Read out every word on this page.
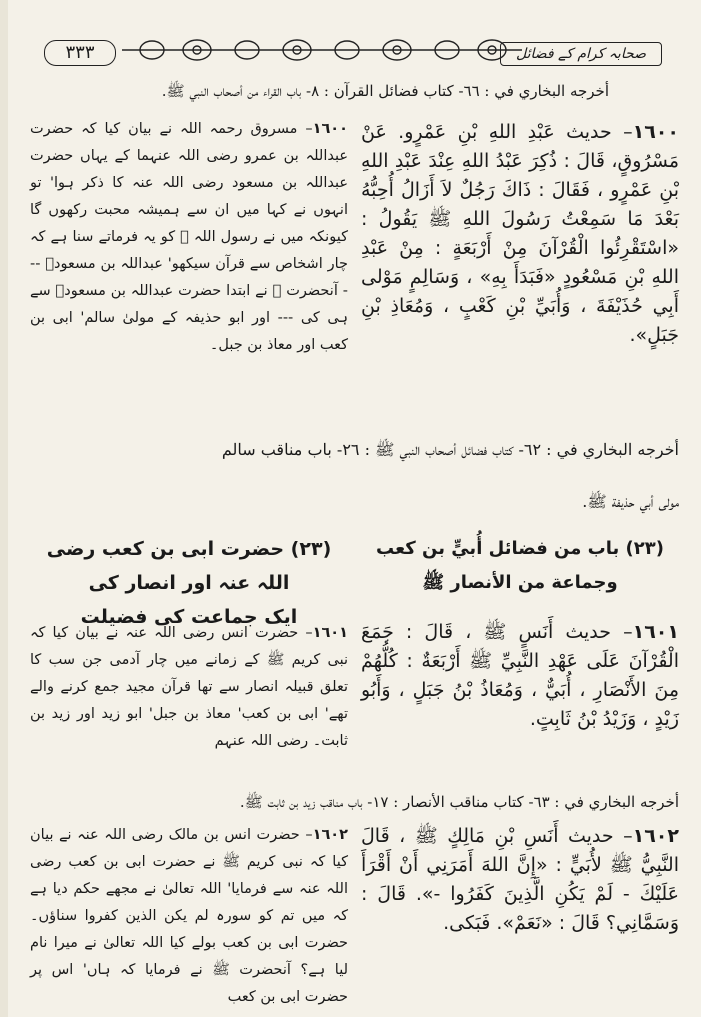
٣٣٣	صحابہ کرام کے فضائل
أخرجه البخاري في : ٦٦- كتاب فضائل القرآن : ٨- باب القراء من أصحاب النبي ﷺ.
١٦٠٠– حديث عَبْدِ اللهِ بْنِ عَمْرٍو. عَنْ مَسْرُوقٍ، قَالَ : ذُكِرَ عَبْدُ اللهِ عِنْدَ عَبْدِ اللهِ بْنِ عَمْرٍو ، فَقَالَ : ذَاكَ رَجُلٌ لاَ أَزَالُ أُحِبُّهُ بَعْدَ مَا سَمِعْتُ رَسُولَ اللهِ ﷺ يَقُولُ : «اسْتَقْرِئُوا الْقُرْآنَ مِنْ أَرْبَعَةٍ : مِنْ عَبْدِ اللهِ بْنِ مَسْعُودٍ «فَبَدَأَ بِهِ» ، وَسَالِمٍ مَوْلى أَبِي حُذَيْفَةَ ، وَأُبَيِّ بْنِ كَعْبٍ ، وَمُعَاذِ بْنِ جَبَلٍ».
١٦٠٠– مسروق رحمہ اللہ نے بیان کیا کہ حضرت عبداللہ بن عمرو رضی اللہ عنہما کے یہاں حضرت عبداللہ بن مسعود رضی اللہ عنہ کا ذکر ہوا' تو انہوں نے کہا میں ان سے ہمیشہ محبت رکھوں گا کیونکہ میں نے رسول اللہ ﷺ کو یہ فرماتے سنا ہے کہ چار اشخاص سے قرآن سیکھو' عبداللہ بن مسعودؓ --- آنحضرت ﷺ نے ابتدا حضرت عبداللہ بن مسعودؓ سے ہی کی --- اور ابو حذیفہ کے مولیٰ سالم' ابی بن کعب اور معاذ بن جبل۔
أخرجه البخاري في : ٦٢- كتاب فضائل أصحاب النبي ﷺ : ٢٦- باب مناقب سالم
مولى أبي حذيفة ﷺ.
(٢٣) باب من فضائل أُبيٍّ بن كعب
وجماعة من الأنصار ﷺ
(٢٣) حضرت ابی بن کعب رضی اللہ عنہ اور انصار کی
ایک جماعت کی فضیلت
١٦٠١– حديث أَنَسٍ ﷺ ، قَالَ : جَمَعَ الْقُرْآنَ عَلَى عَهْدِ النَّبِيِّ ﷺ أَرْبَعَةٌ : كُلُّهُمْ مِنَ الأَنْصَارِ ، أُبَيٌّ ، وَمُعَاذُ بْنُ جَبَلٍ ، وَأَبُو زَيْدٍ ، وَزَيْدُ بْنُ ثَابِتٍ.
١٦٠١– حضرت انس رضی اللہ عنہ نے بیان کیا کہ نبی کریم ﷺ کے زمانے میں چار آدمی جن سب کا تعلق قبیلہ انصار سے تھا قرآن مجید جمع کرنے والے تھے' ابی بن کعب' معاذ بن جبل' ابو زید اور زید بن ثابت۔ رضی اللہ عنہم
أخرجه البخاري في : ٦٣- كتاب مناقب الأنصار : ١٧- باب مناقب زيد بن ثابت ﷺ.
١٦٠٢– حديث أَنَسِ بْنِ مَالِكٍ ﷺ ، قَالَ النَّبِيُّ ﷺ لأُبَيٍّ : «إِنَّ اللهَ أَمَرَنِي أَنْ أَقْرَأَ عَلَيْكَ - لَمْ يَكُنِ الَّذِينَ كَفَرُوا -». قَالَ : وَسَمَّانِي؟ قَالَ : «نَعَمْ». فَبَكى.
١٦٠٢– حضرت انس بن مالک رضی اللہ عنہ نے بیان کیا کہ نبی کریم ﷺ نے حضرت ابی بن کعب رضی اللہ عنہ سے فرمایا' اللہ تعالیٰ نے مجھے حکم دیا ہے کہ میں تم کو سورہ لم یکن الذین کفروا سناؤں۔ حضرت ابی بن کعب بولے کیا اللہ تعالیٰ نے میرا نام لیا ہے؟ آنحضرت ﷺ نے فرمایا کہ ہاں' اس پر حضرت ابی بن کعب
